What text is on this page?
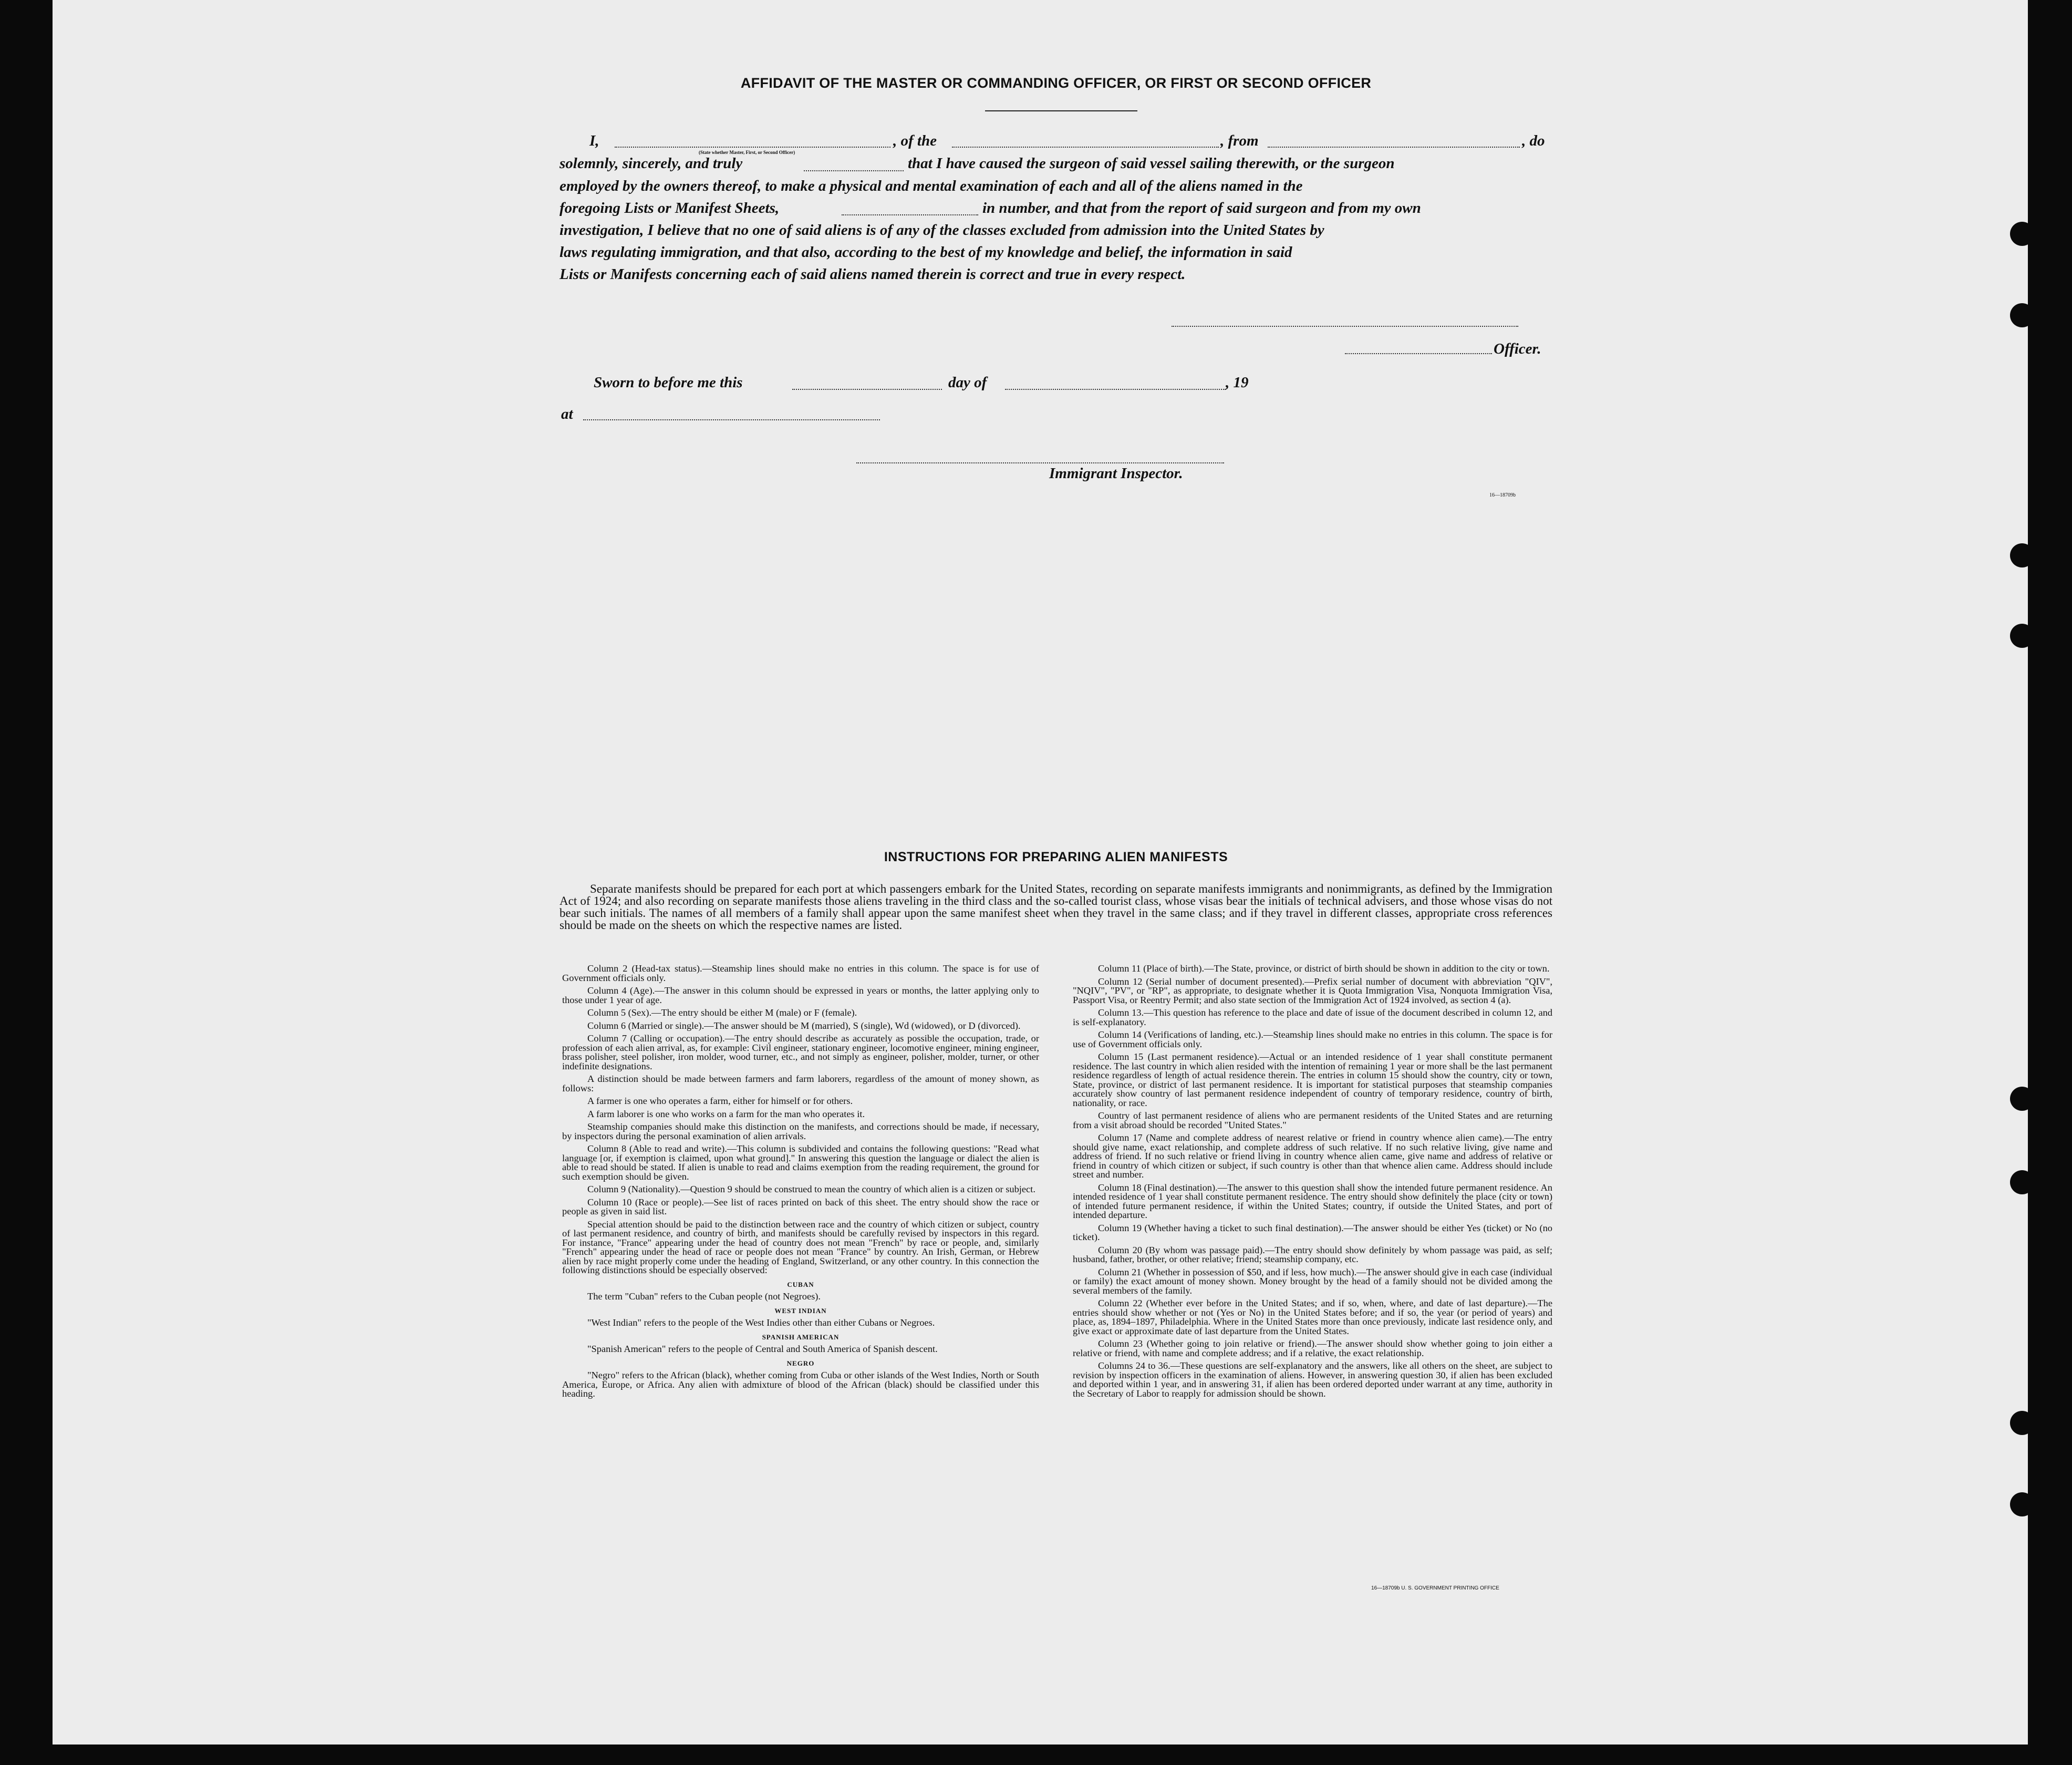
AFFIDAVIT OF THE MASTER OR COMMANDING OFFICER, OR FIRST OR SECOND OFFICER
I,
(State whether Master, First, or Second Officer)
, of the	, from	, do
solemnly, sincerely, and truly	that I have caused the surgeon of said vessel sailing therewith, or the surgeon
employed by the owners thereof, to make a physical and mental examination of each and all of the aliens named in the
foregoing Lists or Manifest Sheets,	in number, and that from the report of said surgeon and from my own
investigation, I believe that no one of said aliens is of any of the classes excluded from admission into the United States by
laws regulating immigration, and that also, according to the best of my knowledge and belief, the information in said
Lists or Manifests concerning each of said aliens named therein is correct and true in every respect.
Officer.
Sworn to before me this	day of	, 19
at
Immigrant Inspector.
16—18709b
INSTRUCTIONS FOR PREPARING ALIEN MANIFESTS
Separate manifests should be prepared for each port at which passengers embark for the United States, recording on separate manifests immigrants and nonimmigrants, as defined by the Immigration Act of 1924; and also recording on separate manifests those aliens traveling in the third class and the so-called tourist class, whose visas bear the initials of technical advisers, and those whose visas do not bear such initials. The names of all members of a family shall appear upon the same manifest sheet when they travel in the same class; and if they travel in different classes, appropriate cross references should be made on the sheets on which the respective names are listed.

Column 2 (Head-tax status).—Steamship lines should make no entries in this column. The space is for use of Government officials only.

Column 4 (Age).—The answer in this column should be expressed in years or months, the latter applying only to those under 1 year of age.

Column 5 (Sex).—The entry should be either M (male) or F (female).

Column 6 (Married or single).—The answer should be M (married), S (single), Wd (widowed), or D (divorced).

Column 7 (Calling or occupation).—The entry should describe as accurately as possible the occupation, trade, or profession of each alien arrival, as, for example: Civil engineer, stationary engineer, locomotive engineer, mining engineer, brass polisher, steel polisher, iron molder, wood turner, etc., and not simply as engineer, polisher, molder, turner, or other indefinite designations.

A distinction should be made between farmers and farm laborers, regardless of the amount of money shown, as follows:

A farmer is one who operates a farm, either for himself or for others.

A farm laborer is one who works on a farm for the man who operates it.

Steamship companies should make this distinction on the manifests, and corrections should be made, if necessary, by inspectors during the personal examination of alien arrivals.

Column 8 (Able to read and write).—This column is subdivided and contains the following questions: "Read what language [or, if exemption is claimed, upon what ground]." In answering this question the language or dialect the alien is able to read should be stated. If alien is unable to read and claims exemption from the reading requirement, the ground for such exemption should be given.

Column 9 (Nationality).—Question 9 should be construed to mean the country of which alien is a citizen or subject.

Column 10 (Race or people).—See list of races printed on back of this sheet. The entry should show the race or people as given in said list.

Special attention should be paid to the distinction between race and the country of which citizen or subject, country of last permanent residence, and country of birth, and manifests should be carefully revised by inspectors in this regard. For instance, "France" appearing under the head of country does not mean "French" by race or people, and, similarly "French" appearing under the head of race or people does not mean "France" by country. An Irish, German, or Hebrew alien by race might properly come under the heading of England, Switzerland, or any other country. In this connection the following distinctions should be especially observed:

CUBAN

The term "Cuban" refers to the Cuban people (not Negroes).

WEST INDIAN

"West Indian" refers to the people of the West Indies other than either Cubans or Negroes.

SPANISH AMERICAN

"Spanish American" refers to the people of Central and South America of Spanish descent.

NEGRO

"Negro" refers to the African (black), whether coming from Cuba or other islands of the West Indies, North or South America, Europe, or Africa. Any alien with admixture of blood of the African (black) should be classified under this heading.

Column 11 (Place of birth).—The State, province, or district of birth should be shown in addition to the city or town.

Column 12 (Serial number of document presented).—Prefix serial number of document with abbreviation "QIV", "NQIV", "PV", or "RP", as appropriate, to designate whether it is Quota Immigration Visa, Nonquota Immigration Visa, Passport Visa, or Reentry Permit; and also state section of the Immigration Act of 1924 involved, as section 4 (a).

Column 13.—This question has reference to the place and date of issue of the document described in column 12, and is self-explanatory.

Column 14 (Verifications of landing, etc.).—Steamship lines should make no entries in this column. The space is for use of Government officials only.

Column 15 (Last permanent residence).—Actual or an intended residence of 1 year shall constitute permanent residence. The last country in which alien resided with the intention of remaining 1 year or more shall be the last permanent residence regardless of length of actual residence therein. The entries in column 15 should show the country, city or town, State, province, or district of last permanent residence. It is important for statistical purposes that steamship companies accurately show country of last permanent residence independent of country of temporary residence, country of birth, nationality, or race.

Country of last permanent residence of aliens who are permanent residents of the United States and are returning from a visit abroad should be recorded "United States."

Column 17 (Name and complete address of nearest relative or friend in country whence alien came).—The entry should give name, exact relationship, and complete address of such relative. If no such relative living, give name and address of friend. If no such relative or friend living in country whence alien came, give name and address of relative or friend in country of which citizen or subject, if such country is other than that whence alien came. Address should include street and number.

Column 18 (Final destination).—The answer to this question shall show the intended future permanent residence. An intended residence of 1 year shall constitute permanent residence. The entry should show definitely the place (city or town) of intended future permanent residence, if within the United States; country, if outside the United States, and port of intended departure.

Column 19 (Whether having a ticket to such final destination).—The answer should be either Yes (ticket) or No (no ticket).

Column 20 (By whom was passage paid).—The entry should show definitely by whom passage was paid, as self; husband, father, brother, or other relative; friend; steamship company, etc.

Column 21 (Whether in possession of $50, and if less, how much).—The answer should give in each case (individual or family) the exact amount of money shown. Money brought by the head of a family should not be divided among the several members of the family.

Column 22 (Whether ever before in the United States; and if so, when, where, and date of last departure).—The entries should show whether or not (Yes or No) in the United States before; and if so, the year (or period of years) and place, as, 1894–1897, Philadelphia. Where in the United States more than once previously, indicate last residence only, and give exact or approximate date of last departure from the United States.

Column 23 (Whether going to join relative or friend).—The answer should show whether going to join either a relative or friend, with name and complete address; and if a relative, the exact relationship.

Columns 24 to 36.—These questions are self-explanatory and the answers, like all others on the sheet, are subject to revision by inspection officers in the examination of aliens. However, in answering question 30, if alien has been excluded and deported within 1 year, and in answering 31, if alien has been ordered deported under warrant at any time, authority in the Secretary of Labor to reapply for admission should be shown.

16—18709b U. S. GOVERNMENT PRINTING OFFICE
